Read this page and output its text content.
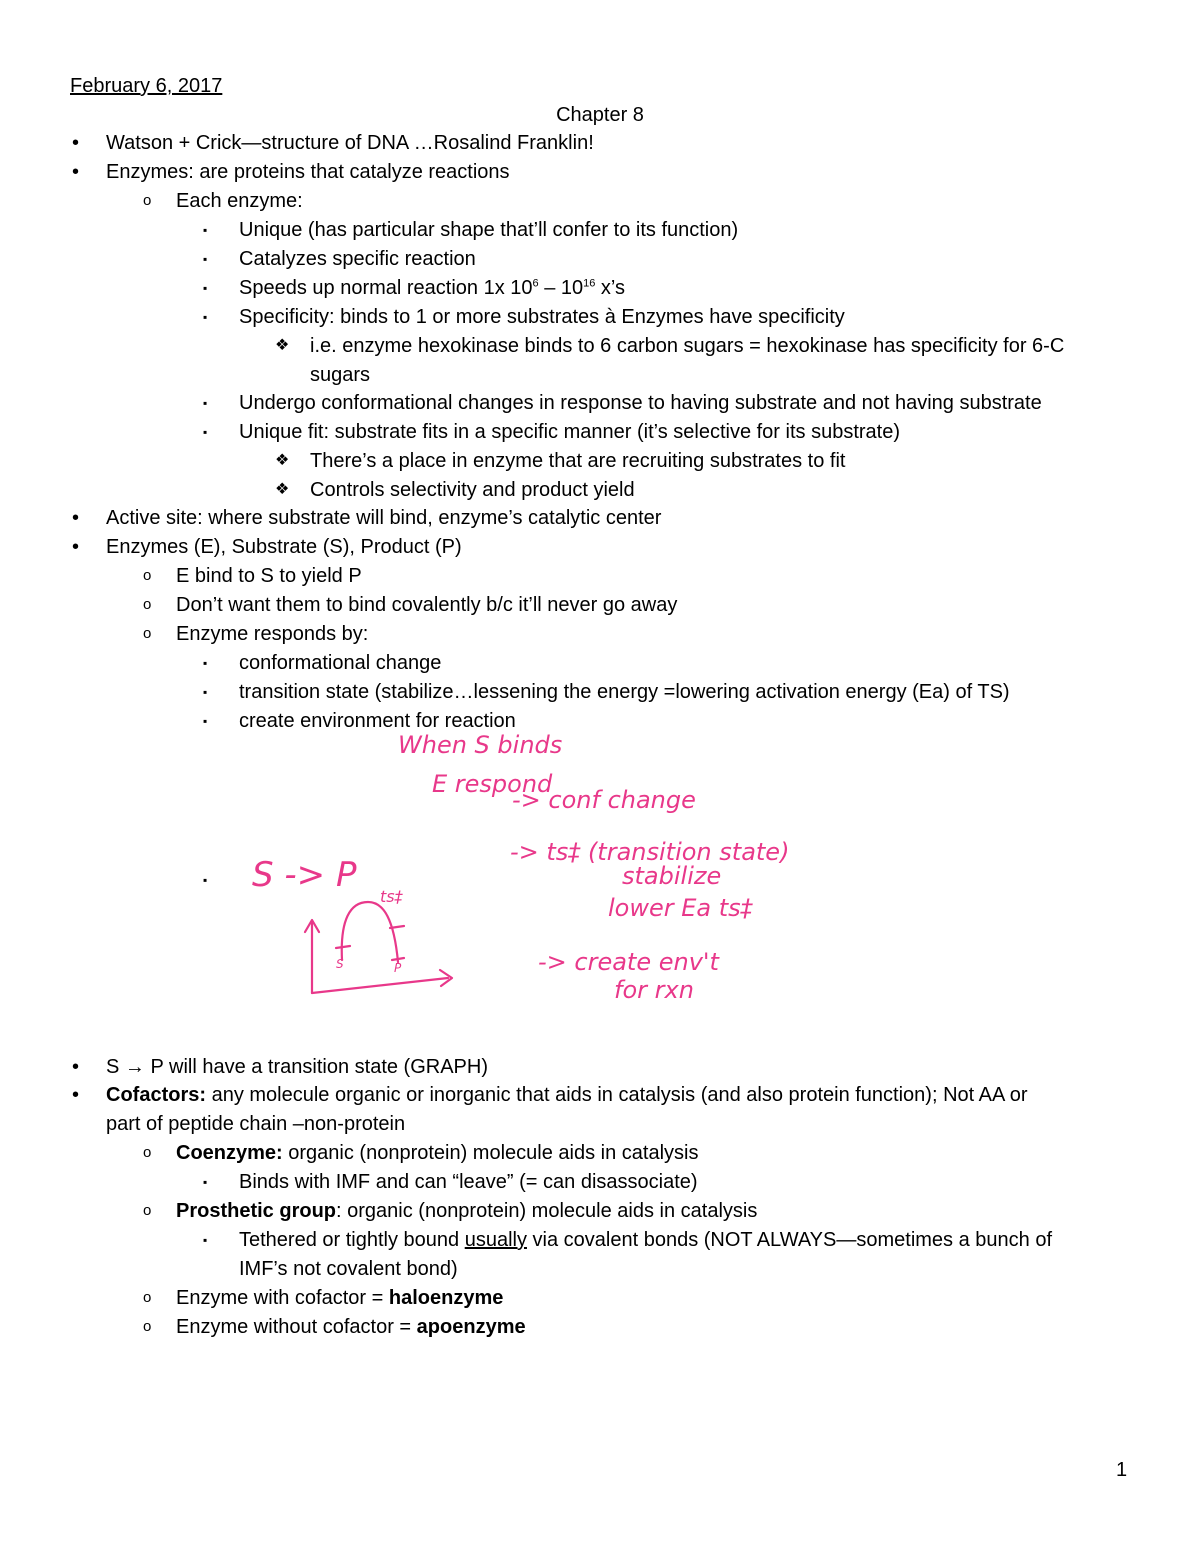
February 6, 2017
Chapter 8
• Watson + Crick—structure of DNA …Rosalind Franklin!
• Enzymes: are proteins that catalyze reactions
o Each enzyme:
▪ Unique (has particular shape that’ll confer to its function)
▪ Catalyzes specific reaction
▪ Speeds up normal reaction 1x $10^6 - 10^{16}$ x’s
▪ Specificity: binds to 1 or more substrates à Enzymes have specificity
❖ i.e. enzyme hexokinase binds to 6 carbon sugars = hexokinase has specificity for 6-C
sugars
▪ Undergo conformational changes in response to having substrate and not having substrate
▪ Unique fit: substrate fits in a specific manner (it’s selective for its substrate)
❖ There’s a place in enzyme that are recruiting substrates to fit
❖ Controls selectivity and product yield
• Active site: where substrate will bind, enzyme’s catalytic center
• Enzymes (E), Substrate (S), Product (P)
o E bind to S to yield P
o Don’t want them to bind covalently b/c it’ll never go away
o Enzyme responds by:
▪ conformational change
▪ transition state (stabilize…lessening the energy =lowering activation energy (Ea) of TS)
▪ create environment for reaction
▪
When S binds
E respond
-> conf change
-> ts‡ (transition state)
stabilize
lower Ea ts‡
-> create env't
for rxn
S -> P
ts‡
S	P
• S → P will have a transition state (GRAPH)
• Cofactors: any molecule organic or inorganic that aids in catalysis (and also protein function); Not AA or
part of peptide chain –non-protein
o Coenzyme: organic (nonprotein) molecule aids in catalysis
▪ Binds with IMF and can “leave” (= can disassociate)
o Prosthetic group: organic (nonprotein) molecule aids in catalysis
▪ Tethered or tightly bound usually via covalent bonds (NOT ALWAYS—sometimes a bunch of
IMF’s not covalent bond)
o Enzyme with cofactor = haloenzyme
o Enzyme without cofactor = apoenzyme
1
